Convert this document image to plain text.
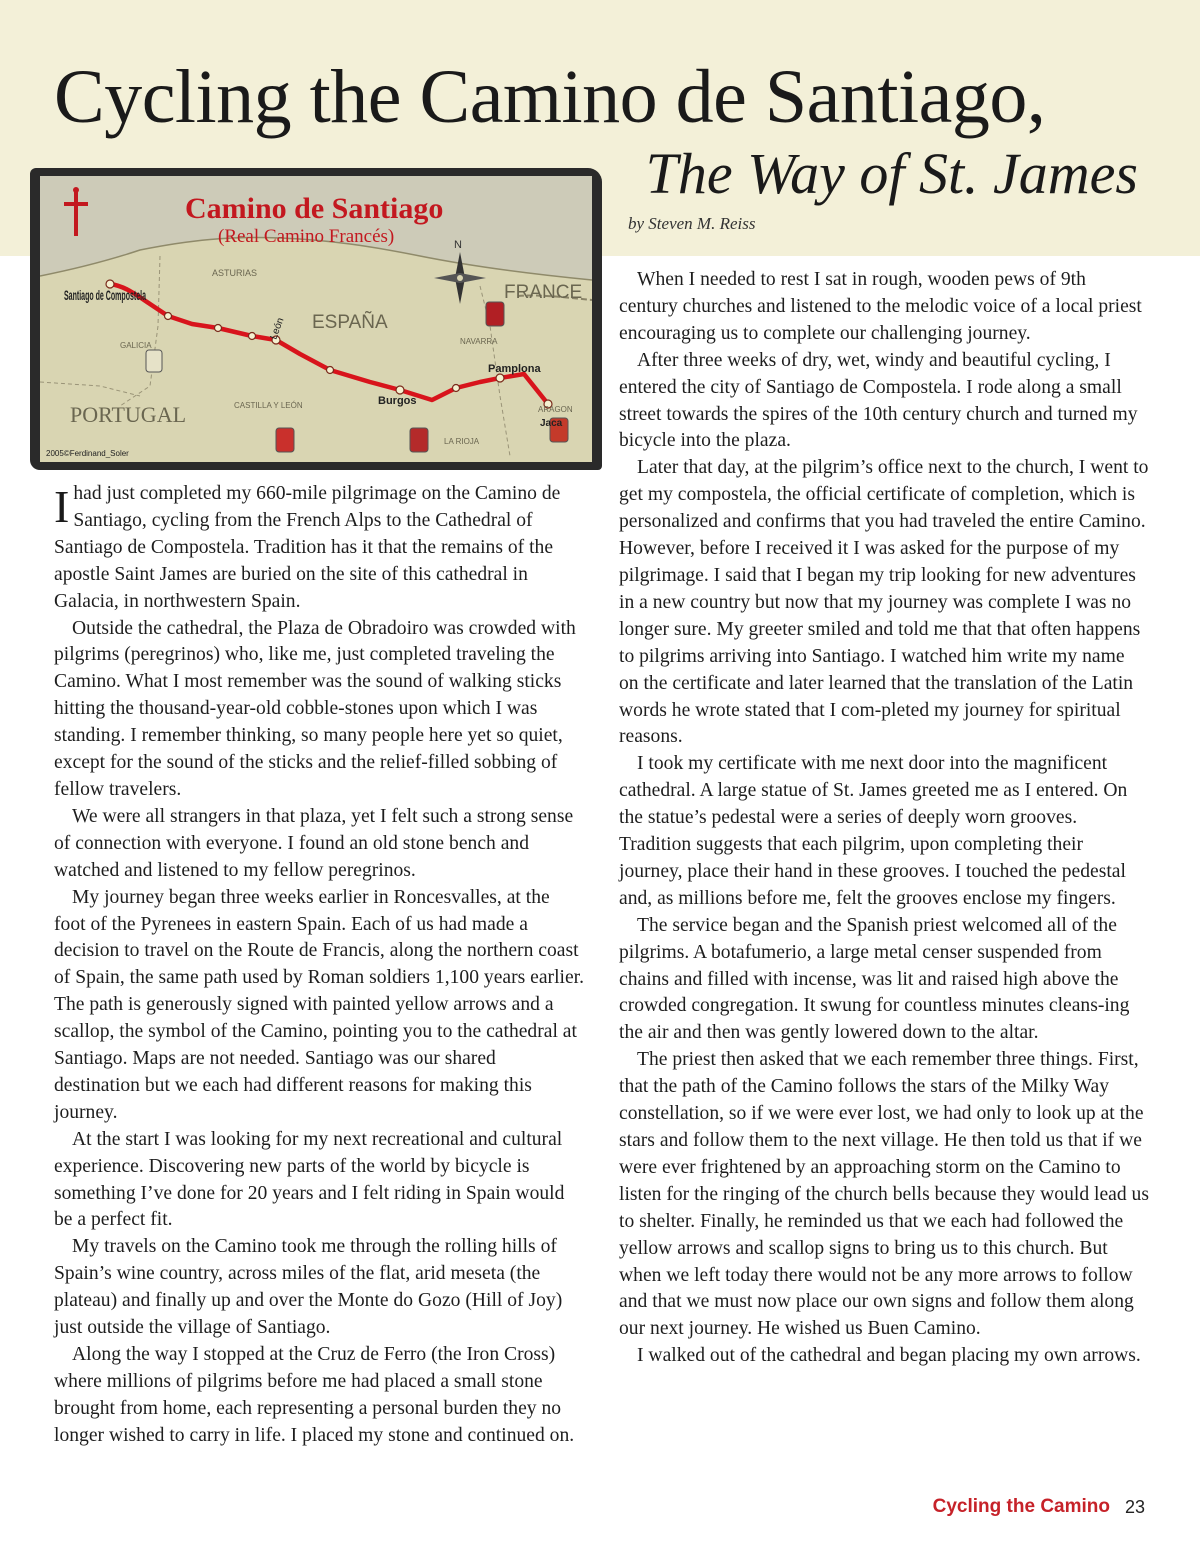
Cycling the Camino de Santiago,
The Way of St. James
by Steven M. Reiss
Camino de Santiago
(Real Camino Francés)	N
FRANCE
ESPAÑA
PORTUGAL
ASTURIAS
GALICIA
CASTILLA Y LEÓN
NAVARRA
LA RIOJA
ARAGON
Santiago de Compostela
León
Burgos
Pamplona
Jaca
2005©Ferdinand_Soler

Ihad just completed my 660-mile pilgrimage on the Camino de Santiago, cycling from the French Alps to the Cathedral of Santiago de Compostela. Tradition has it that the remains of the apostle Saint James are buried on the site of this cathedral in Galacia, in northwestern Spain.

Outside the cathedral, the Plaza de Obradoiro was crowded with pilgrims (peregrinos) who, like me, just completed traveling the Camino. What I most remember was the sound of walking sticks hitting the thousand-year-old cobble-stones upon which I was standing. I remember thinking, so many people here yet so quiet, except for the sound of the sticks and the relief-filled sobbing of fellow travelers.

We were all strangers in that plaza, yet I felt such a strong sense of connection with everyone. I found an old stone bench and watched and listened to my fellow peregrinos.

My journey began three weeks earlier in Roncesvalles, at the foot of the Pyrenees in eastern Spain. Each of us had made a decision to travel on the Route de Francis, along the northern coast of Spain, the same path used by Roman soldiers 1,100 years earlier. The path is generously signed with painted yellow arrows and a scallop, the symbol of the Camino, pointing you to the cathedral at Santiago. Maps are not needed. Santiago was our shared destination but we each had different reasons for making this journey.

At the start I was looking for my next recreational and cultural experience. Discovering new parts of the world by bicycle is something I’ve done for 20 years and I felt riding in Spain would be a perfect fit.

My travels on the Camino took me through the rolling hills of Spain’s wine country, across miles of the flat, arid meseta (the plateau) and finally up and over the Monte do Gozo (Hill of Joy) just outside the village of Santiago.

Along the way I stopped at the Cruz de Ferro (the Iron Cross) where millions of pilgrims before me had placed a small stone brought from home, each representing a personal burden they no longer wished to carry in life. I placed my stone and continued on.

When I needed to rest I sat in rough, wooden pews of 9th century churches and listened to the melodic voice of a local priest encouraging us to complete our challenging journey.

After three weeks of dry, wet, windy and beautiful cycling, I entered the city of Santiago de Compostela. I rode along a small street towards the spires of the 10th century church and turned my bicycle into the plaza.

Later that day, at the pilgrim’s office next to the church, I went to get my compostela, the official certificate of completion, which is personalized and confirms that you had traveled the entire Camino. However, before I received it I was asked for the purpose of my pilgrimage. I said that I began my trip looking for new adventures in a new country but now that my journey was complete I was no longer sure. My greeter smiled and told me that that often happens to pilgrims arriving into Santiago. I watched him write my name on the certificate and later learned that the translation of the Latin words he wrote stated that I com-pleted my journey for spiritual reasons.

I took my certificate with me next door into the magnificent cathedral. A large statue of St. James greeted me as I entered. On the statue’s pedestal were a series of deeply worn grooves. Tradition suggests that each pilgrim, upon completing their journey, place their hand in these grooves. I touched the pedestal and, as millions before me, felt the grooves enclose my fingers.

The service began and the Spanish priest welcomed all of the pilgrims. A botafumerio, a large metal censer suspended from chains and filled with incense, was lit and raised high above the crowded congregation. It swung for countless minutes cleans-ing the air and then was gently lowered down to the altar.

The priest then asked that we each remember three things. First, that the path of the Camino follows the stars of the Milky Way constellation, so if we were ever lost, we had only to look up at the stars and follow them to the next village. He then told us that if we were ever frightened by an approaching storm on the Camino to listen for the ringing of the church bells because they would lead us to shelter. Finally, he reminded us that we each had followed the yellow arrows and scallop signs to bring us to this church. But when we left today there would not be any more arrows to follow and that we must now place our own signs and follow them along our next journey. He wished us Buen Camino.

I walked out of the cathedral and began placing my own arrows.

Cycling the Camino 23
